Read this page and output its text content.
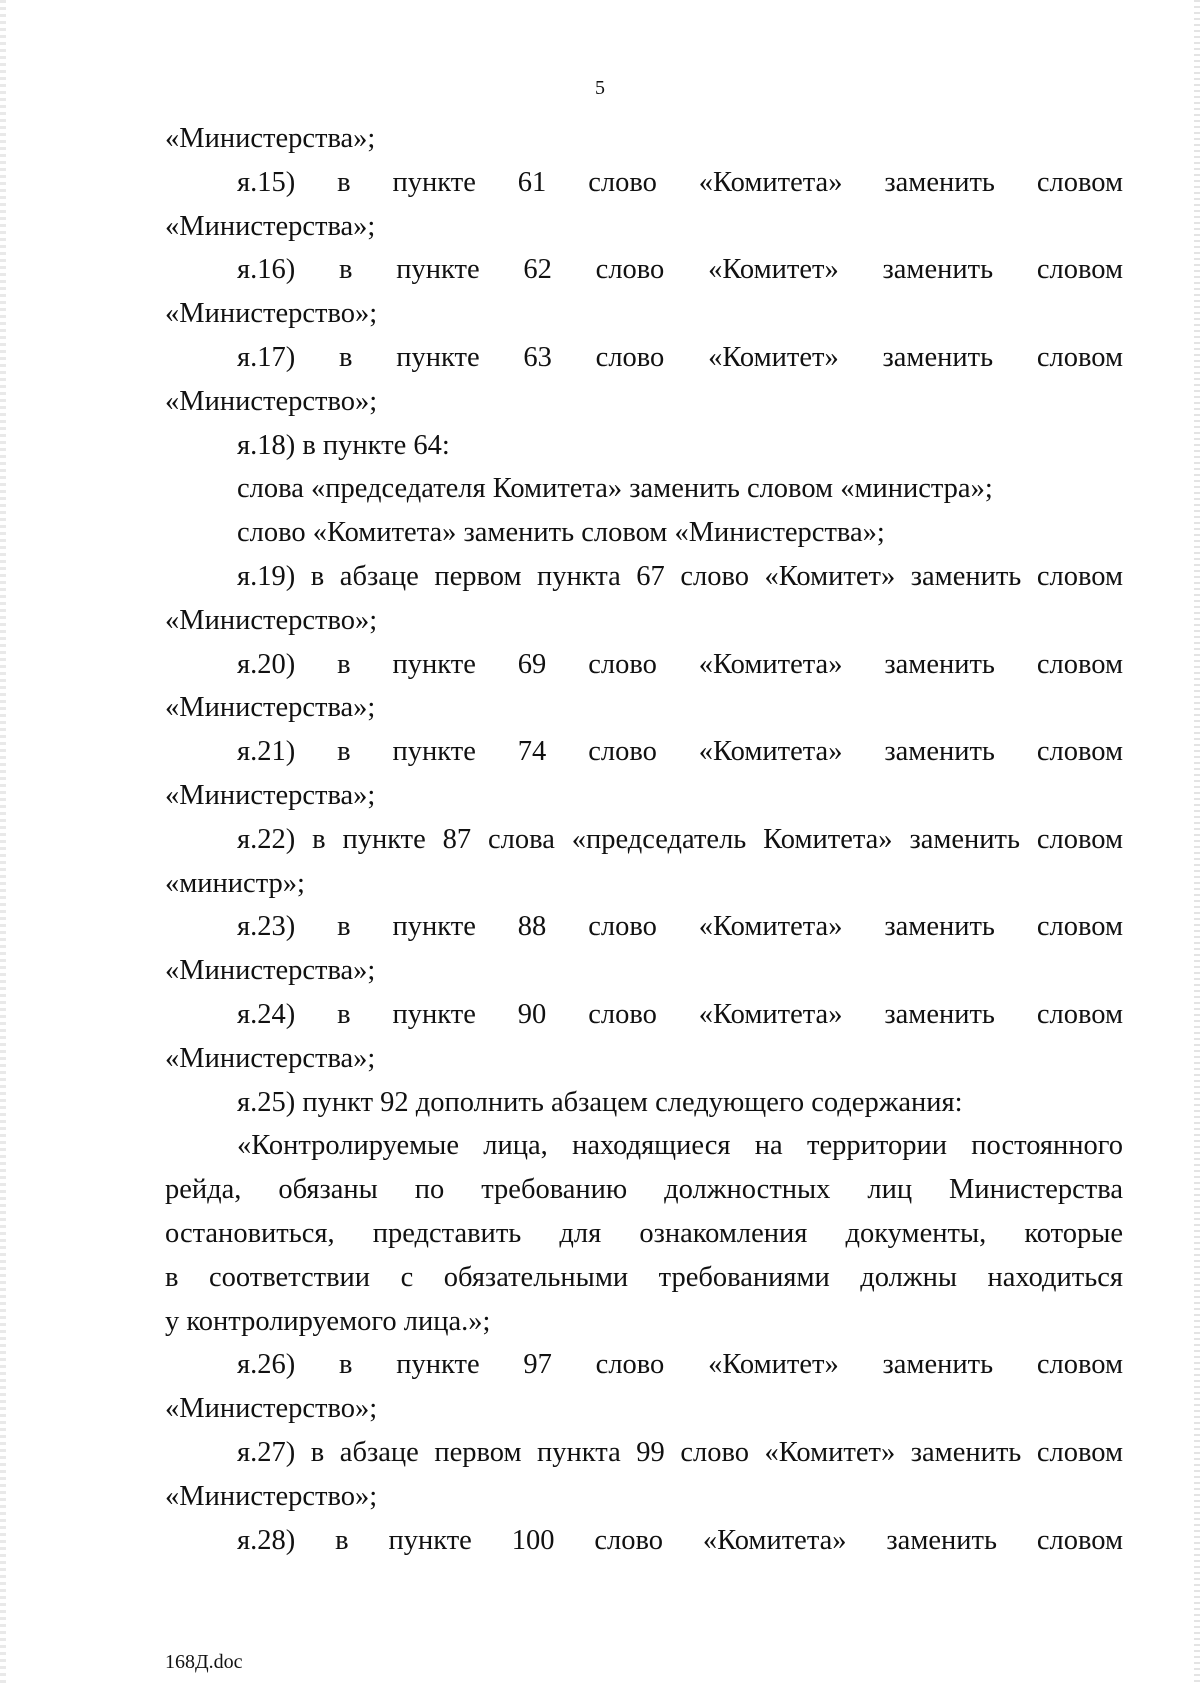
5
«Министерства»;
я.15) в пункте 61 слово «Комитета» заменить словом
«Министерства»;
я.16) в пункте 62 слово «Комитет» заменить словом
«Министерство»;
я.17) в пункте 63 слово «Комитет» заменить словом
«Министерство»;
я.18) в пункте 64:
слова «председателя Комитета» заменить словом «министра»;
слово «Комитета» заменить словом «Министерства»;
я.19) в абзаце первом пункта 67 слово «Комитет» заменить словом
«Министерство»;
я.20) в пункте 69 слово «Комитета» заменить словом
«Министерства»;
я.21) в пункте 74 слово «Комитета» заменить словом
«Министерства»;
я.22) в пункте 87 слова «председатель Комитета» заменить словом
«министр»;
я.23) в пункте 88 слово «Комитета» заменить словом
«Министерства»;
я.24) в пункте 90 слово «Комитета» заменить словом
«Министерства»;
я.25) пункт 92 дополнить абзацем следующего содержания:
«Контролируемые лица, находящиеся на территории постоянного
рейда, обязаны по требованию должностных лиц Министерства
остановиться, представить для ознакомления документы, которые
в соответствии с обязательными требованиями должны находиться
у контролируемого лица.»;
я.26) в пункте 97 слово «Комитет» заменить словом
«Министерство»;
я.27) в абзаце первом пункта 99 слово «Комитет» заменить словом
«Министерство»;
я.28) в пункте 100 слово «Комитета» заменить словом
168Д.doc
